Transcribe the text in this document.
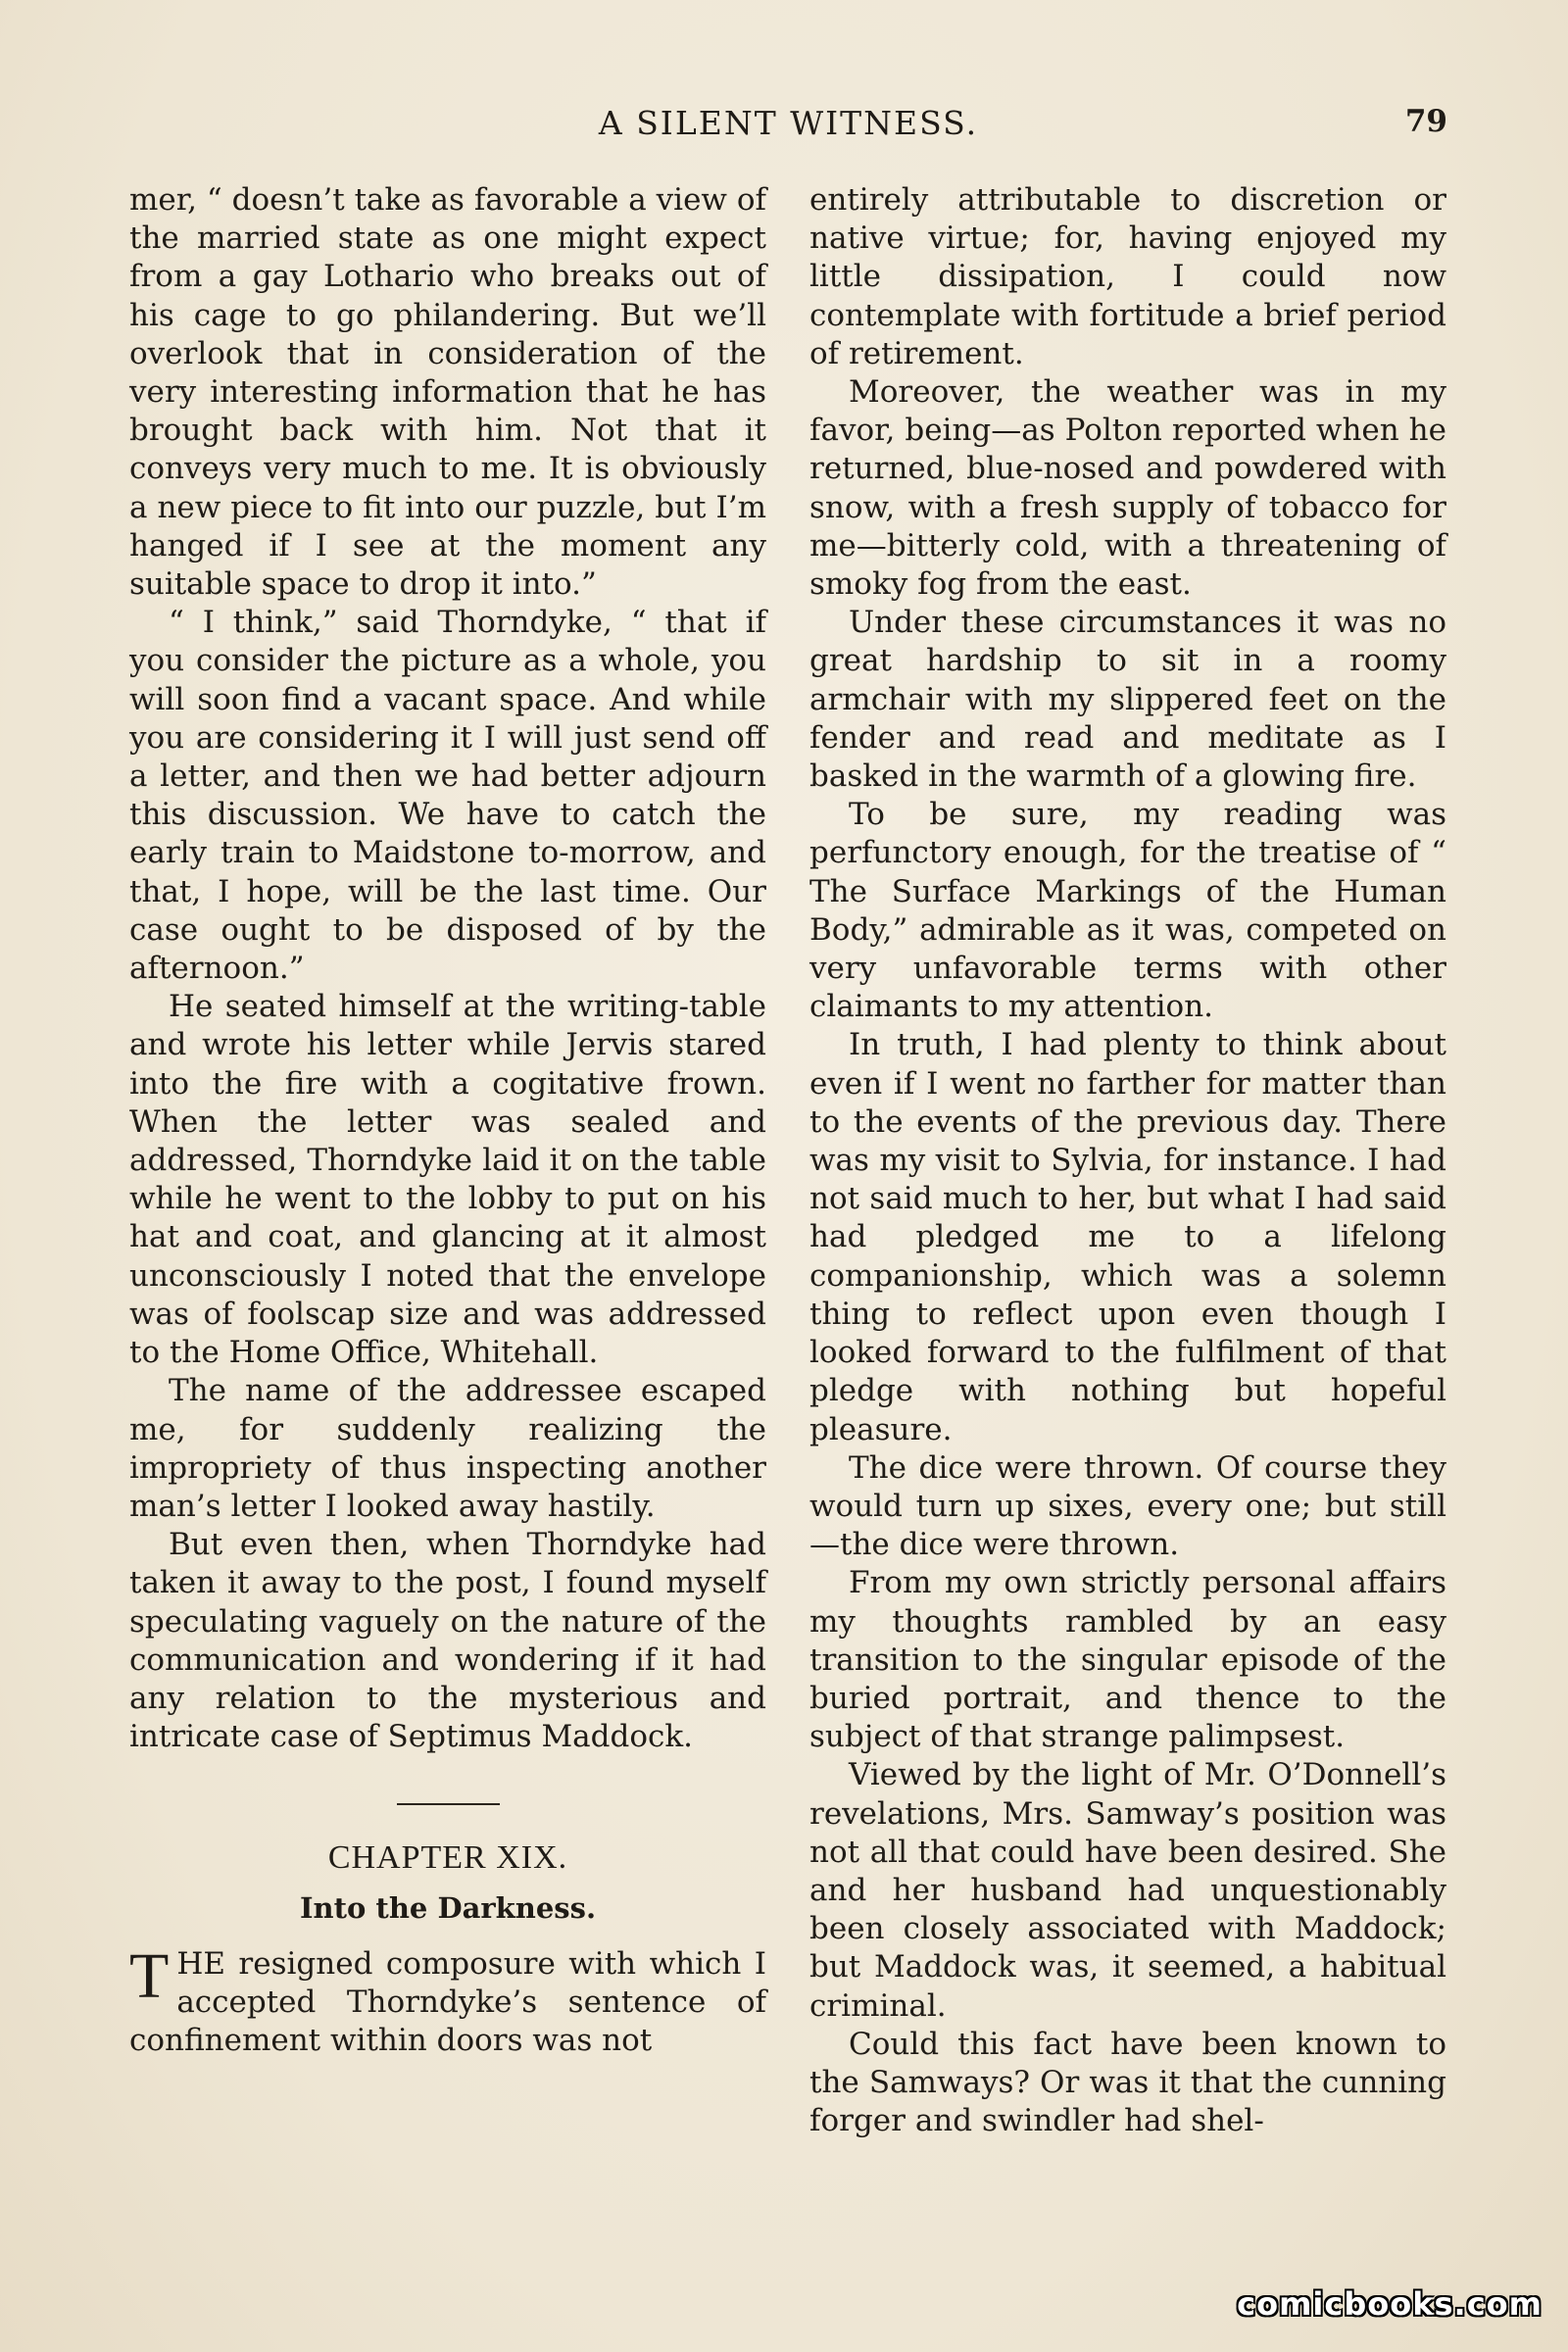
A SILENT WITNESS.	79

mer, “ doesn’t take as favorable a view of the married state as one might expect from a gay Lothario who breaks out of his cage to go philandering. But we’ll overlook that in consideration of the very interesting information that he has brought back with him. Not that it conveys very much to me. It is obviously a new piece to fit into our puzzle, but I’m hanged if I see at the moment any suitable space to drop it into.”

“ I think,” said Thorndyke, “ that if you consider the picture as a whole, you will soon find a vacant space. And while you are considering it I will just send off a letter, and then we had better adjourn this discussion. We have to catch the early train to Maidstone to-morrow, and that, I hope, will be the last time. Our case ought to be disposed of by the afternoon.”

He seated himself at the writing-table and wrote his letter while Jervis stared into the fire with a cogitative frown. When the letter was sealed and addressed, Thorndyke laid it on the table while he went to the lobby to put on his hat and coat, and glancing at it almost unconsciously I noted that the envelope was of foolscap size and was addressed to the Home Office, Whitehall.

The name of the addressee escaped me, for suddenly realizing the impropriety of thus inspecting another man’s letter I looked away hastily.

But even then, when Thorndyke had taken it away to the post, I found myself speculating vaguely on the nature of the communication and wondering if it had any relation to the mysterious and intricate case of Septimus Maddock.

CHAPTER XIX.
Into the Darkness.

THE resigned composure with which I accepted Thorndyke’s sentence of confinement within doors was not

entirely attributable to discretion or native virtue; for, having enjoyed my little dissipation, I could now contemplate with fortitude a brief period of retirement.

Moreover, the weather was in my favor, being—as Polton reported when he returned, blue-nosed and powdered with snow, with a fresh supply of tobacco for me—bitterly cold, with a threatening of smoky fog from the east.

Under these circumstances it was no great hardship to sit in a roomy armchair with my slippered feet on the fender and read and meditate as I basked in the warmth of a glowing fire.

To be sure, my reading was perfunctory enough, for the treatise of “ The Surface Markings of the Human Body,” admirable as it was, competed on very unfavorable terms with other claimants to my attention.

In truth, I had plenty to think about even if I went no farther for matter than to the events of the previous day. There was my visit to Sylvia, for instance. I had not said much to her, but what I had said had pledged me to a lifelong companionship, which was a solemn thing to reflect upon even though I looked forward to the fulfilment of that pledge with nothing but hopeful pleasure.

The dice were thrown. Of course they would turn up sixes, every one; but still—the dice were thrown.

From my own strictly personal affairs my thoughts rambled by an easy transition to the singular episode of the buried portrait, and thence to the subject of that strange palimpsest.

Viewed by the light of Mr. O’Donnell’s revelations, Mrs. Samway’s position was not all that could have been desired. She and her husband had unquestionably been closely associated with Maddock; but Maddock was, it seemed, a habitual criminal.

Could this fact have been known to the Samways? Or was it that the cunning forger and swindler had shel-

comicbooks.com
